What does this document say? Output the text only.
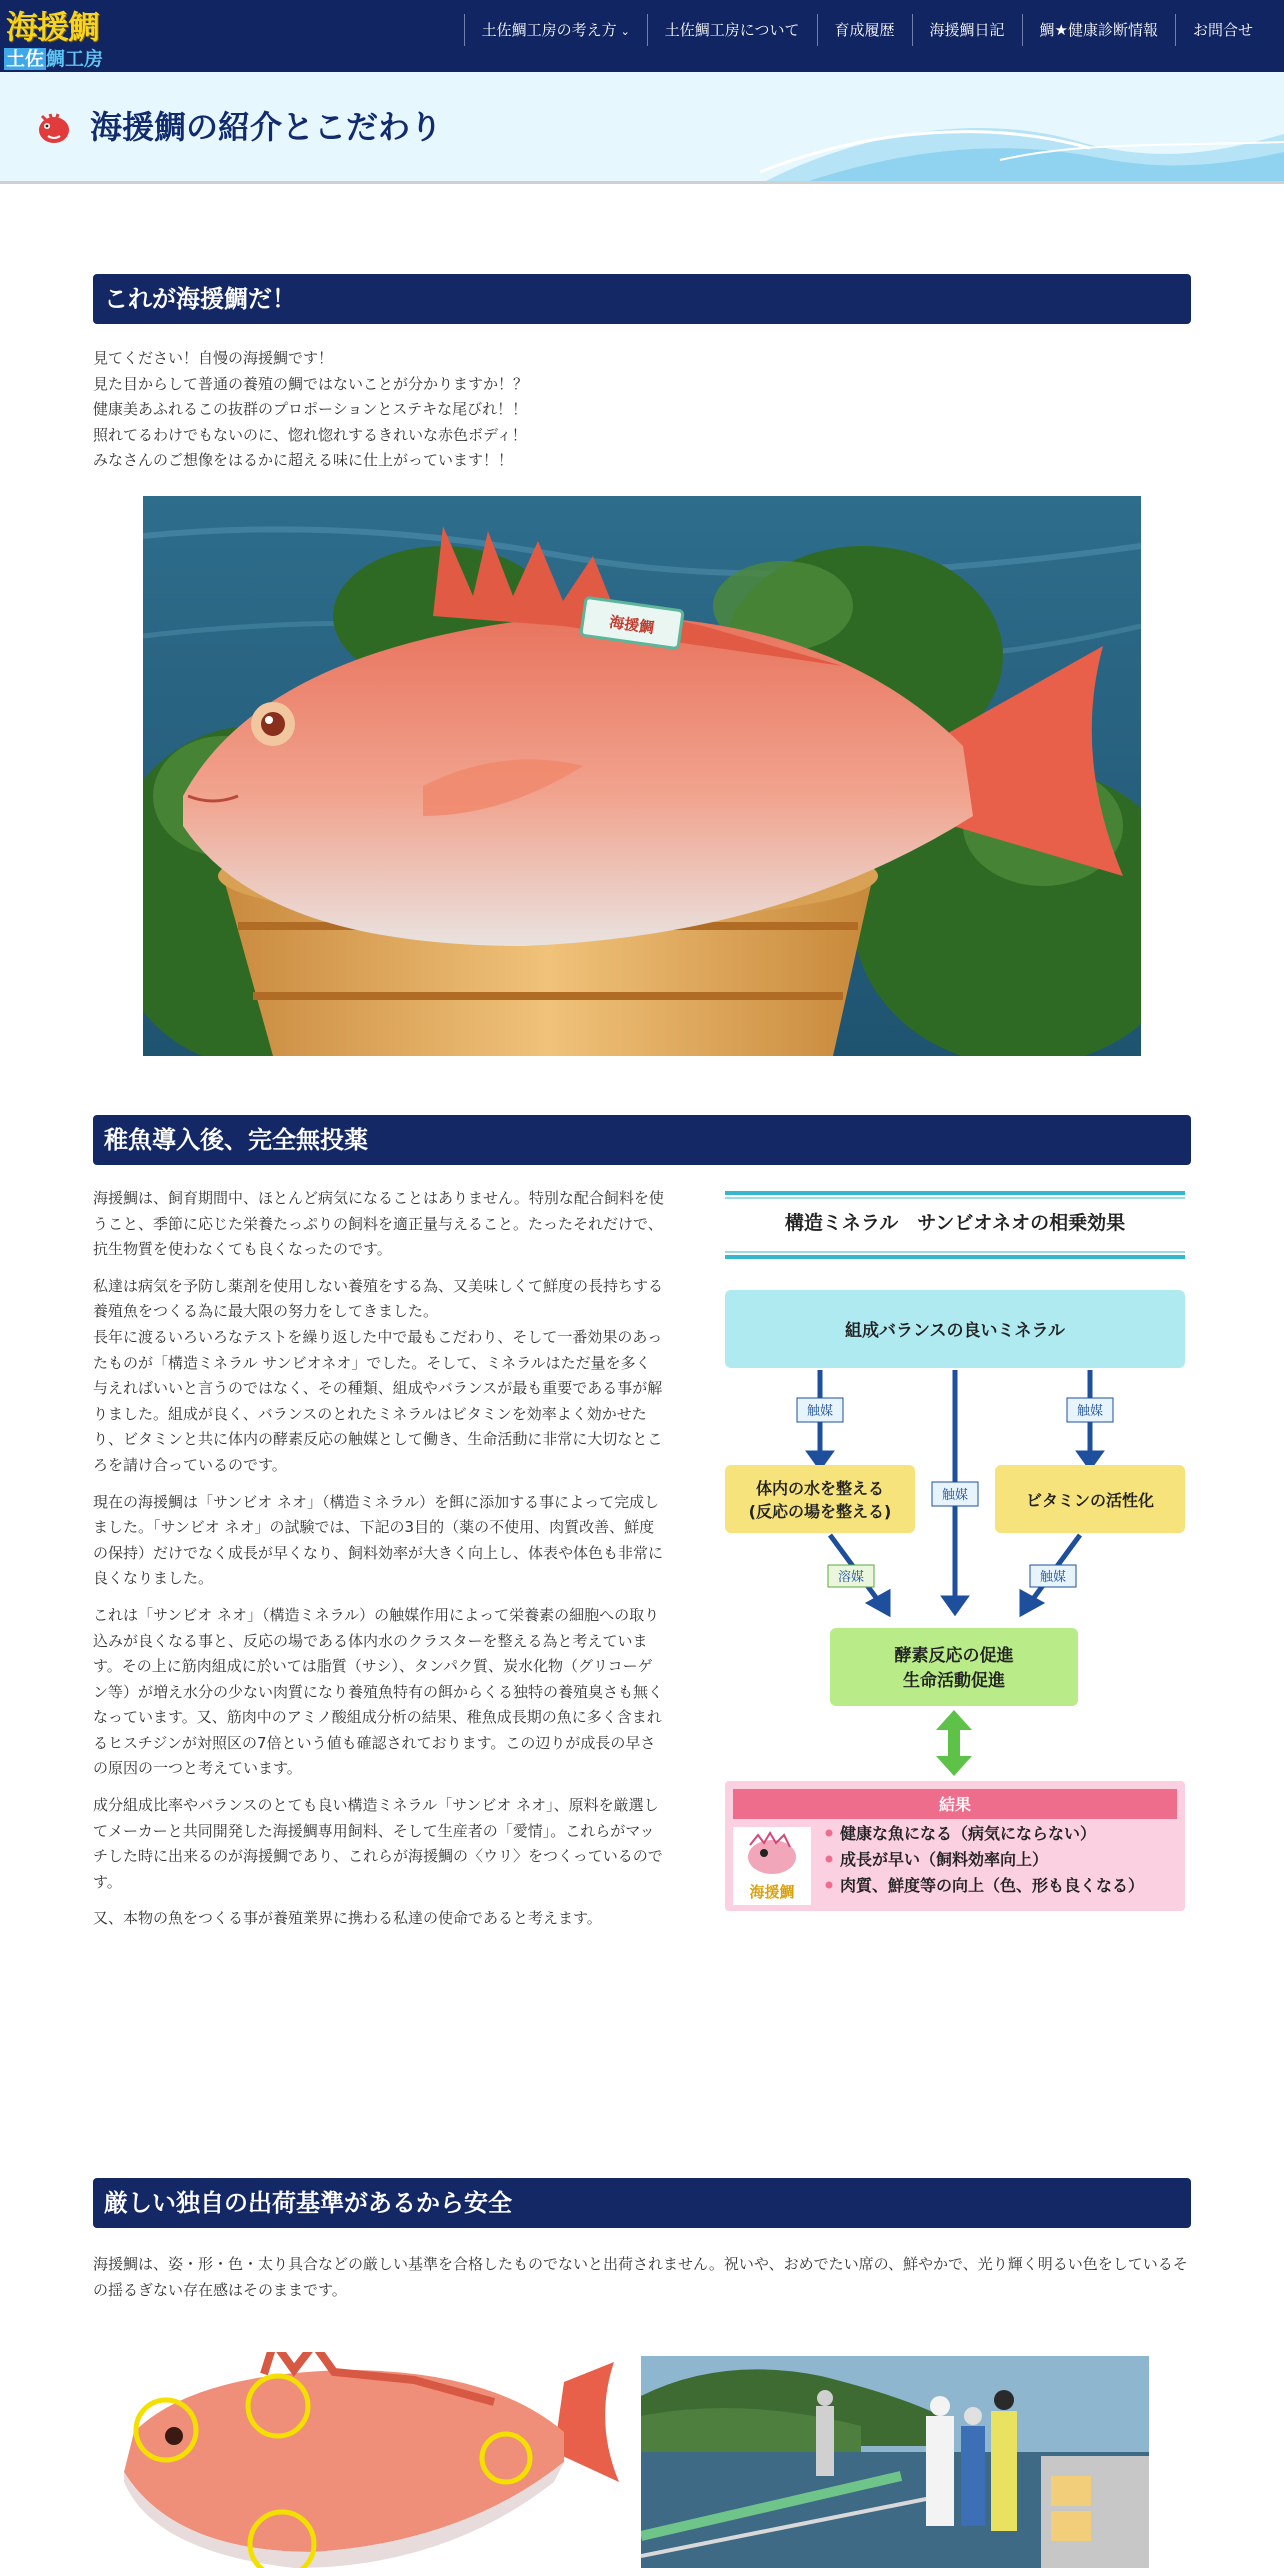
海援鯛
土佐 鯛工房
土佐鯛工房の考え方 ⌄	土佐鯛工房について	育成履歴	海援鯛日記	鯛★健康診断情報	お問合せ
海援鯛の紹介とこだわり
これが海援鯛だ！
見てください！自慢の海援鯛です！
見た目からして普通の養殖の鯛ではないことが分かりますか！？
健康美あふれるこの抜群のプロポーションとステキな尾びれ！！
照れてるわけでもないのに、惚れ惚れするきれいな赤色ボディ！
みなさんのご想像をはるかに超える味に仕上がっています！！
海援鯛
稚魚導入後、完全無投薬

海援鯛は、飼育期間中、ほとんど病気になることはありません。特別な配合飼料を使うこと、季節に応じた栄養たっぷりの飼料を適正量与えること。たったそれだけで、抗生物質を使わなくても良くなったのです。

私達は病気を予防し薬剤を使用しない養殖をする為、又美味しくて鮮度の長持ちする養殖魚をつくる為に最大限の努力をしてきました。
長年に渡るいろいろなテストを繰り返した中で最もこだわり、そして一番効果のあったものが「構造ミネラル サンビオネオ」でした。そして、ミネラルはただ量を多く与えればいいと言うのではなく、その種類、組成やバランスが最も重要である事が解りました。組成が良く、バランスのとれたミネラルはビタミンを効率よく効かせたり、ビタミンと共に体内の酵素反応の触媒として働き、生命活動に非常に大切なところを請け合っているのです。

現在の海援鯛は「サンビオ ネオ」（構造ミネラル）を餌に添加する事によって完成しました。「サンビオ ネオ」の試験では、下記の3目的（薬の不使用、肉質改善、鮮度の保持）だけでなく成長が早くなり、飼料効率が大きく向上し、体表や体色も非常に良くなりました。

これは「サンビオ ネオ」（構造ミネラル）の触媒作用によって栄養素の細胞への取り込みが良くなる事と、反応の場である体内水のクラスターを整える為と考えています。その上に筋肉組成に於いては脂質（サシ）、タンパク質、炭水化物（グリコーゲン等）が増え水分の少ない肉質になり養殖魚特有の餌からくる独特の養殖臭さも無くなっています。又、筋肉中のアミノ酸組成分析の結果、稚魚成長期の魚に多く含まれるヒスチジンが対照区の7倍という値も確認されております。この辺りが成長の早さの原因の一つと考えています。

成分組成比率やバランスのとても良い構造ミネラル「サンビオ ネオ」、原料を厳選してメーカーと共同開発した海援鯛専用飼料、そして生産者の「愛情」。これらがマッチした時に出来るのが海援鯛であり、これらが海援鯛の〈ウリ〉をつくっているのです。

又、本物の魚をつくる事が養殖業界に携わる私達の使命であると考えます。

構造ミネラル　サンビオネオの相乗効果
組成バランスの良いミネラル
触媒	触媒
触媒
体内の水を整える
(反応の場を整える)
ビタミンの活性化
溶媒	触媒
酵素反応の促進
生命活動促進
結果
海援鯛
健康な魚になる（病気にならない）
成長が早い（飼料効率向上）
肉質、鮮度等の向上（色、形も良くなる）
厳しい独自の出荷基準があるから安全
海援鯛は、姿・形・色・太り具合などの厳しい基準を合格したものでないと出荷されません。祝いや、おめでたい席の、鮮やかで、光り輝く明るい色をしているその揺るぎない存在感はそのままです。
